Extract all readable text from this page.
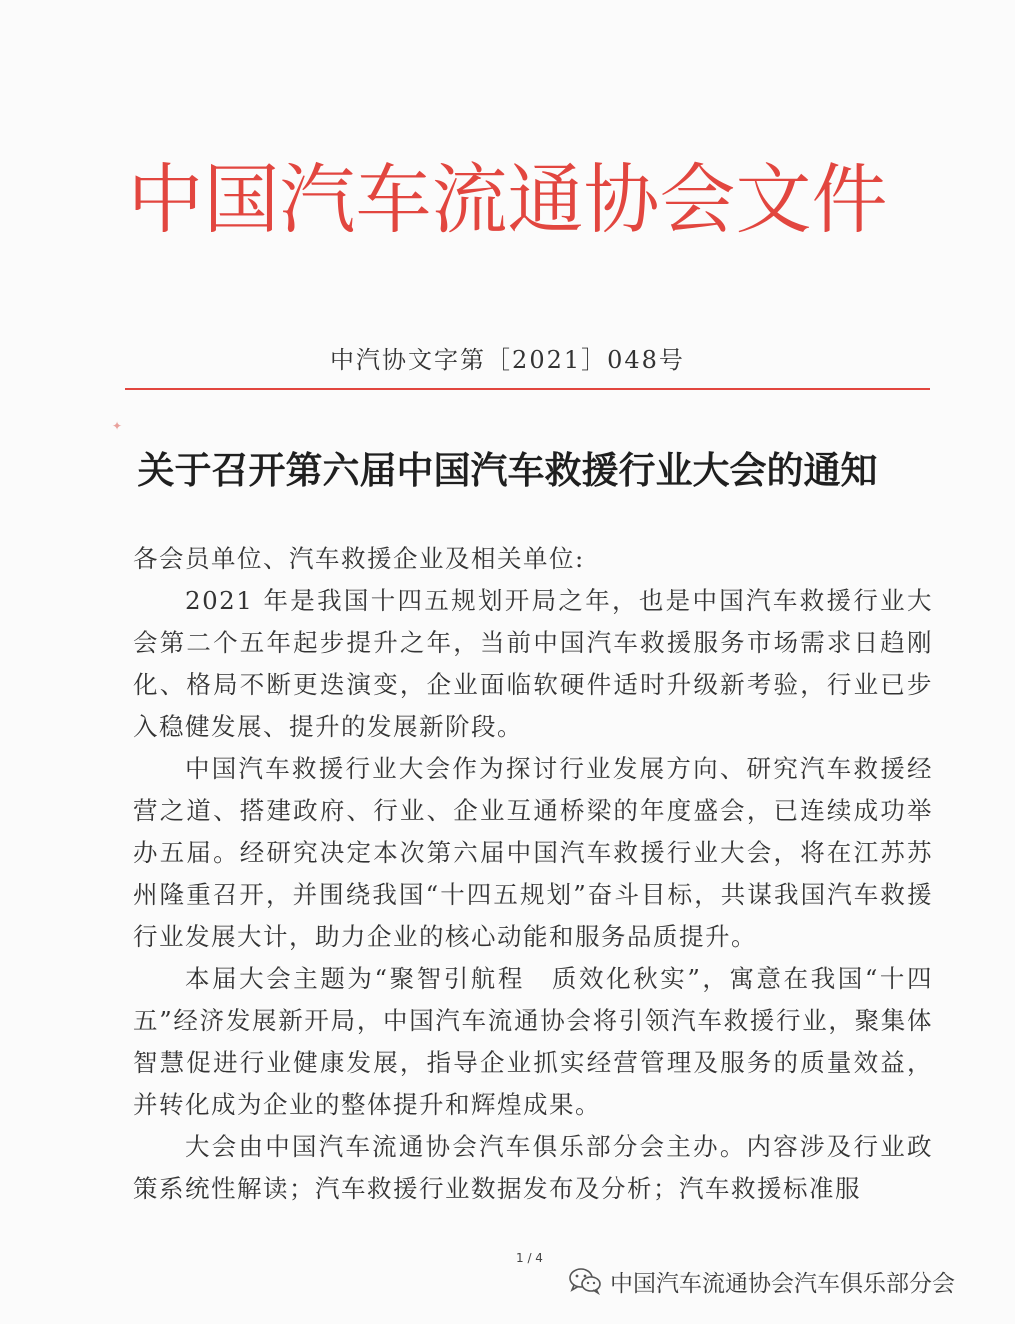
中国汽车流通协会文件
中汽协文字第［2021］048号
✦
关于召开第六届中国汽车救援行业大会的通知

各会员单位、汽车救援企业及相关单位:

2021 年是我国十四五规划开局之年，也是中国汽车救援行业大会第二个五年起步提升之年，当前中国汽车救援服务市场需求日趋刚化、格局不断更迭演变，企业面临软硬件适时升级新考验，行业已步入稳健发展、提升的发展新阶段。

中国汽车救援行业大会作为探讨行业发展方向、研究汽车救援经营之道、搭建政府、行业、企业互通桥梁的年度盛会，已连续成功举办五届。经研究决定本次第六届中国汽车救援行业大会，将在江苏苏州隆重召开，并围绕我国“十四五规划”奋斗目标，共谋我国汽车救援行业发展大计，助力企业的核心动能和服务品质提升。

本届大会主题为“聚智引航程　质效化秋实”，寓意在我国“十四五”经济发展新开局，中国汽车流通协会将引领汽车救援行业，聚集体智慧促进行业健康发展，指导企业抓实经营管理及服务的质量效益，并转化成为企业的整体提升和辉煌成果。

大会由中国汽车流通协会汽车俱乐部分会主办。内容涉及行业政策系统性解读；汽车救援行业数据发布及分析；汽车救援标准服

1 / 4
中国汽车流通协会汽车俱乐部分会
